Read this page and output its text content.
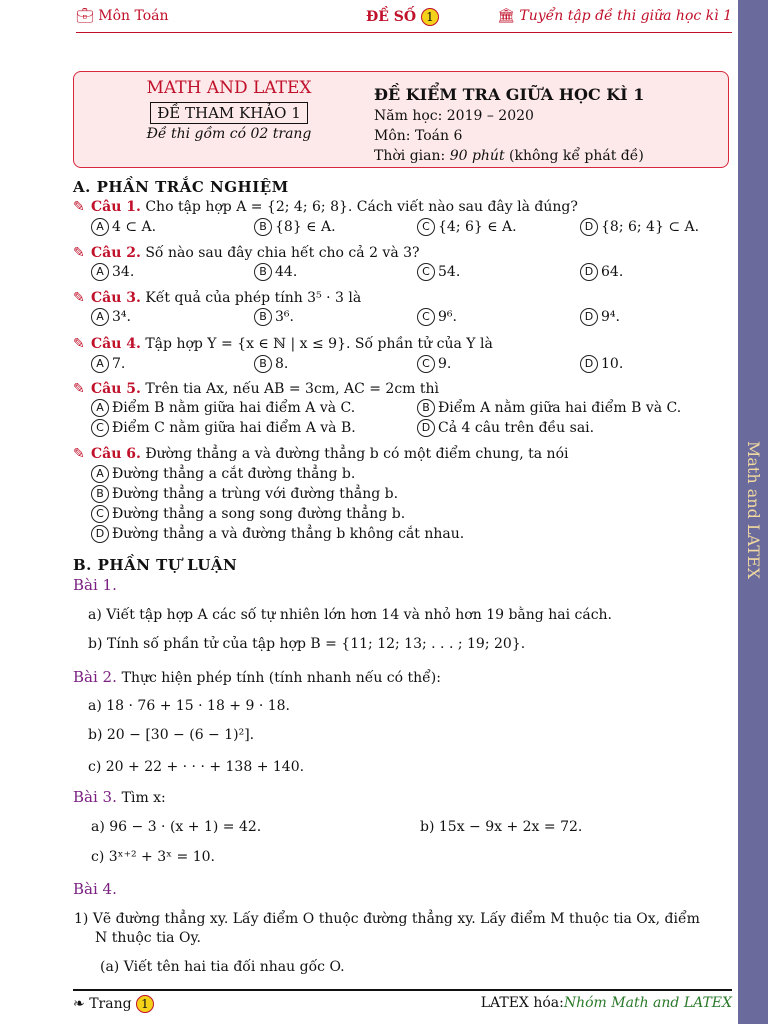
💼︎ Môn Toán	ĐỀ SỐ 1	🏛︎ Tuyển tập đề thi giữa học kì 1
MATH AND LATEX
ĐỀ THAM KHẢO 1
Đề thi gồm có 02 trang
ĐỀ KIỂM TRA GIỮA HỌC KÌ 1
Năm học: 2019 – 2020
Môn: Toán 6
Thời gian: 90 phút (không kể phát đề)
Math and LATEX
A. PHẦN TRẮC NGHIỆM
✎ Câu 1. Cho tập hợp A = {2; 4; 6; 8}. Cách viết nào sau đây là đúng?
A 4 ⊂ A.	B {8} ∈ A.	C {4; 6} ∈ A.	D {8; 6; 4} ⊂ A.
✎ Câu 2. Số nào sau đây chia hết cho cả 2 và 3?
A 34.	B 44.	C 54.	D 64.
✎ Câu 3. Kết quả của phép tính 3⁵ · 3 là
A 3⁴.	B 3⁶.	C 9⁶.	D 9⁴.
✎ Câu 4. Tập hợp Y = {x ∈ ℕ | x ≤ 9}. Số phần tử của Y là
A 7.	B 8.	C 9.	D 10.
✎ Câu 5. Trên tia Ax, nếu AB = 3cm, AC = 2cm thì
A Điểm B nằm giữa hai điểm A và C.	B Điểm A nằm giữa hai điểm B và C.
C Điểm C nằm giữa hai điểm A và B.	D Cả 4 câu trên đều sai.
✎ Câu 6. Đường thẳng a và đường thẳng b có một điểm chung, ta nói
A Đường thẳng a cắt đường thẳng b.
B Đường thẳng a trùng với đường thẳng b.
C Đường thẳng a song song đường thẳng b.
D Đường thẳng a và đường thẳng b không cắt nhau.
B. PHẦN TỰ LUẬN
Bài 1.
a) Viết tập hợp A các số tự nhiên lớn hơn 14 và nhỏ hơn 19 bằng hai cách.
b) Tính số phần tử của tập hợp B = {11; 12; 13; . . . ; 19; 20}.
Bài 2. Thực hiện phép tính (tính nhanh nếu có thể):
a) 18 · 76 + 15 · 18 + 9 · 18.
b) 20 − [30 − (6 − 1)²].
c) 20 + 22 + · · · + 138 + 140.
Bài 3. Tìm x:
a) 96 − 3 · (x + 1) = 42.	b) 15x − 9x + 2x = 72.
c) 3ˣ⁺² + 3ˣ = 10.
Bài 4.
1) Vẽ đường thẳng xy. Lấy điểm O thuộc đường thẳng xy. Lấy điểm M thuộc tia Ox, điểm
N thuộc tia Oy.
(a) Viết tên hai tia đối nhau gốc O.
❧ Trang 1	LATEX hóa:Nhóm Math and LATEX
